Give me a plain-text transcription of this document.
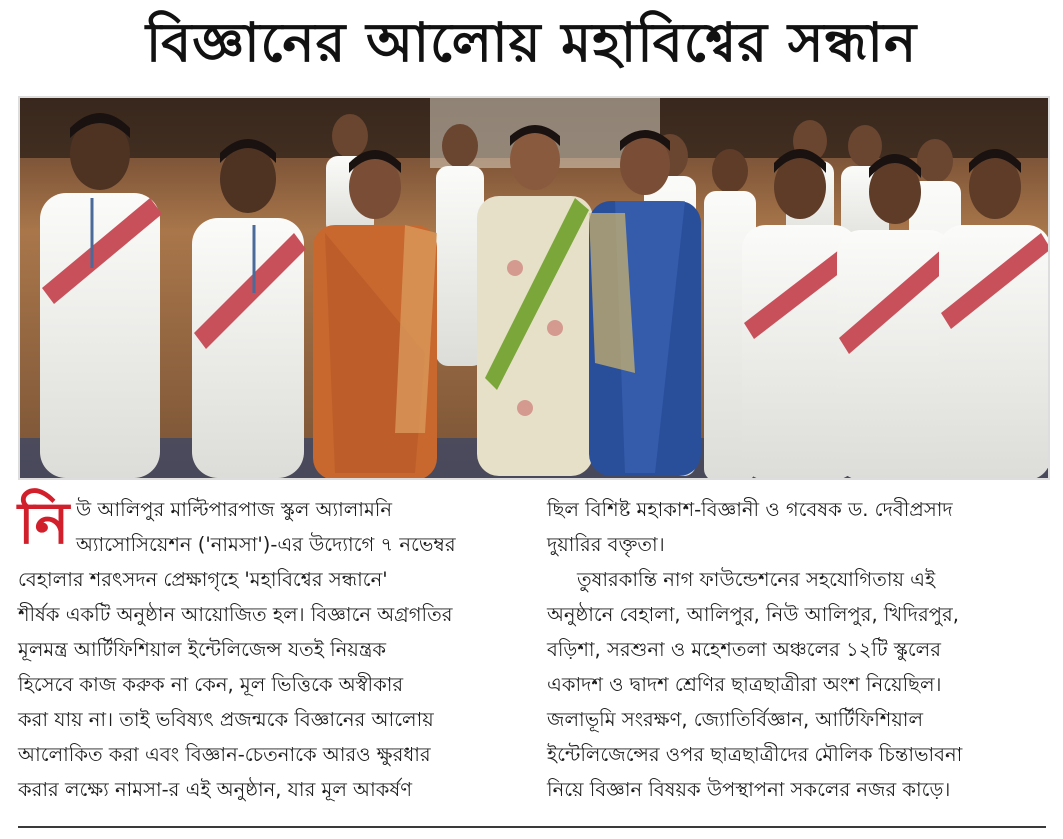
বিজ্ঞানের আলোয় মহাবিশ্বের সন্ধান
নি উ আলিপুর মাল্টিপারপাজ স্কুল অ্যালামনি
অ্যাসোসিয়েশন ('নামসা')-এর উদ্যোগে ৭ নভেম্বর
বেহালার শরৎসদন প্রেক্ষাগৃহে 'মহাবিশ্বের সন্ধানে'
শীর্ষক একটি অনুষ্ঠান আয়োজিত হল। বিজ্ঞানে অগ্রগতির
মূলমন্ত্র আর্টিফিশিয়াল ইন্টেলিজেন্স যতই নিয়ন্ত্রক
হিসেবে কাজ করুক না কেন, মূল ভিত্তিকে অস্বীকার
করা যায় না। তাই ভবিষ্যৎ প্রজন্মকে বিজ্ঞানের আলোয়
আলোকিত করা এবং বিজ্ঞান-চেতনাকে আরও ক্ষুরধার
করার লক্ষ্যে নামসা-র এই অনুষ্ঠান, যার মূল আকর্ষণ
ছিল বিশিষ্ট মহাকাশ-বিজ্ঞানী ও গবেষক ড. দেবীপ্রসাদ
দুয়ারির বক্তৃতা।
তুষারকান্তি নাগ ফাউন্ডেশনের সহযোগিতায় এই
অনুষ্ঠানে বেহালা, আলিপুর, নিউ আলিপুর, খিদিরপুর,
বড়িশা, সরশুনা ও মহেশতলা অঞ্চলের ১২টি স্কুলের
একাদশ ও দ্বাদশ শ্রেণির ছাত্রছাত্রীরা অংশ নিয়েছিল।
জলাভূমি সংরক্ষণ, জ্যোতির্বিজ্ঞান, আর্টিফিশিয়াল
ইন্টেলিজেন্সের ওপর ছাত্রছাত্রীদের মৌলিক চিন্তাভাবনা
নিয়ে বিজ্ঞান বিষয়ক উপস্থাপনা সকলের নজর কাড়ে।
